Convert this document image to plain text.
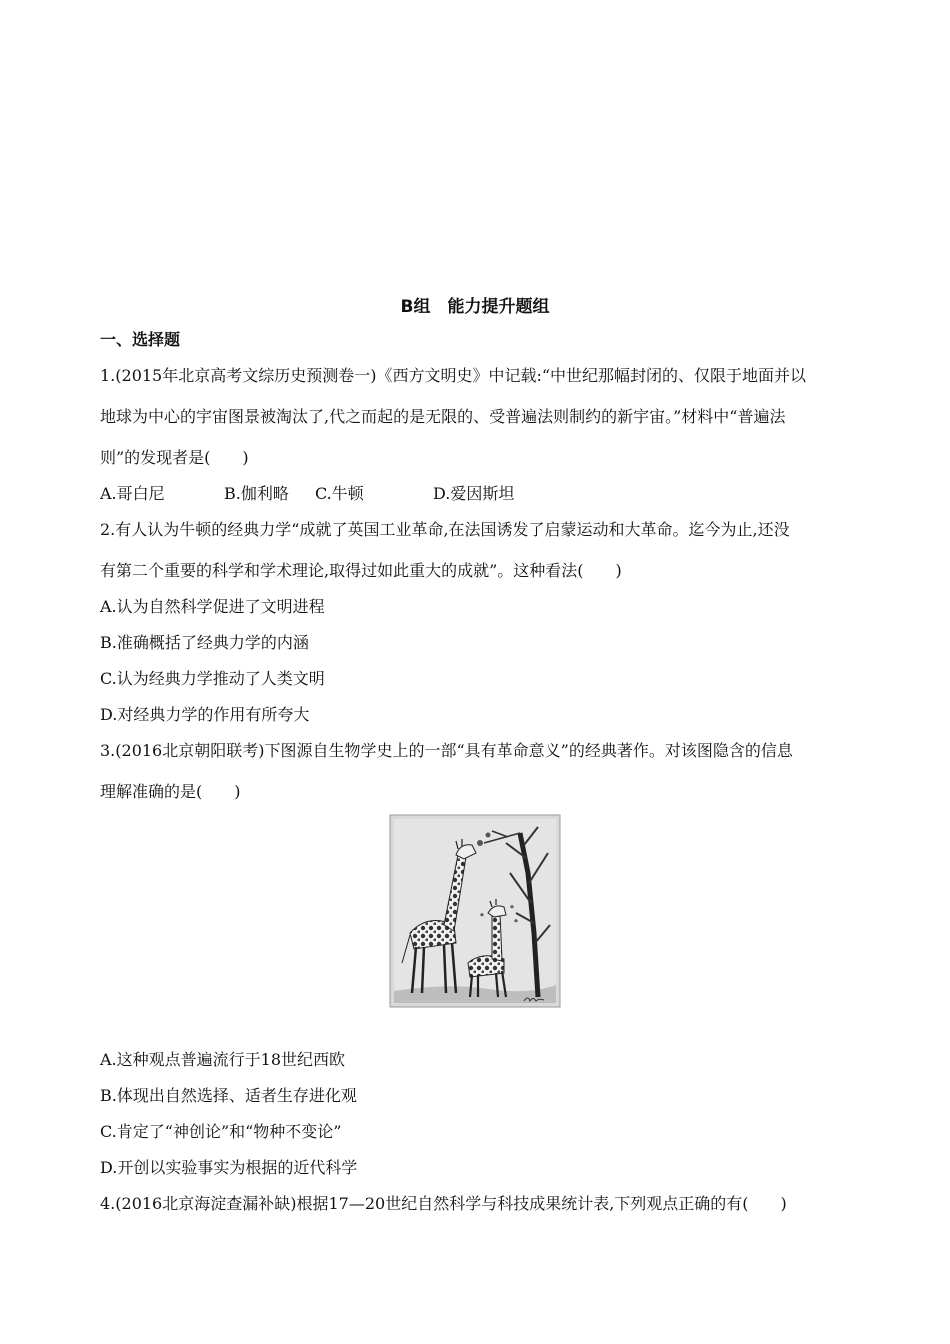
B组　能力提升题组
一、选择题
1.(2015年北京高考文综历史预测卷一)《西方文明史》中记载:“中世纪那幅封闭的、仅限于地面并以
地球为中心的宇宙图景被淘汰了,代之而起的是无限的、受普遍法则制约的新宇宙。”材料中“普遍法
则”的发现者是(　　)
A.哥白尼	B.伽利略 C.牛顿	D.爱因斯坦
2.有人认为牛顿的经典力学“成就了英国工业革命,在法国诱发了启蒙运动和大革命。迄今为止,还没
有第二个重要的科学和学术理论,取得过如此重大的成就”。这种看法(　　)
A.认为自然科学促进了文明进程
B.准确概括了经典力学的内涵
C.认为经典力学推动了人类文明
D.对经典力学的作用有所夸大
3.(2016北京朝阳联考)下图源自生物学史上的一部“具有革命意义”的经典著作。对该图隐含的信息
理解准确的是(　　)
A.这种观点普遍流行于18世纪西欧
B.体现出自然选择、适者生存进化观
C.肯定了“神创论”和“物种不变论”
D.开创以实验事实为根据的近代科学
4.(2016北京海淀查漏补缺)根据17—20世纪自然科学与科技成果统计表,下列观点正确的有(　　)
